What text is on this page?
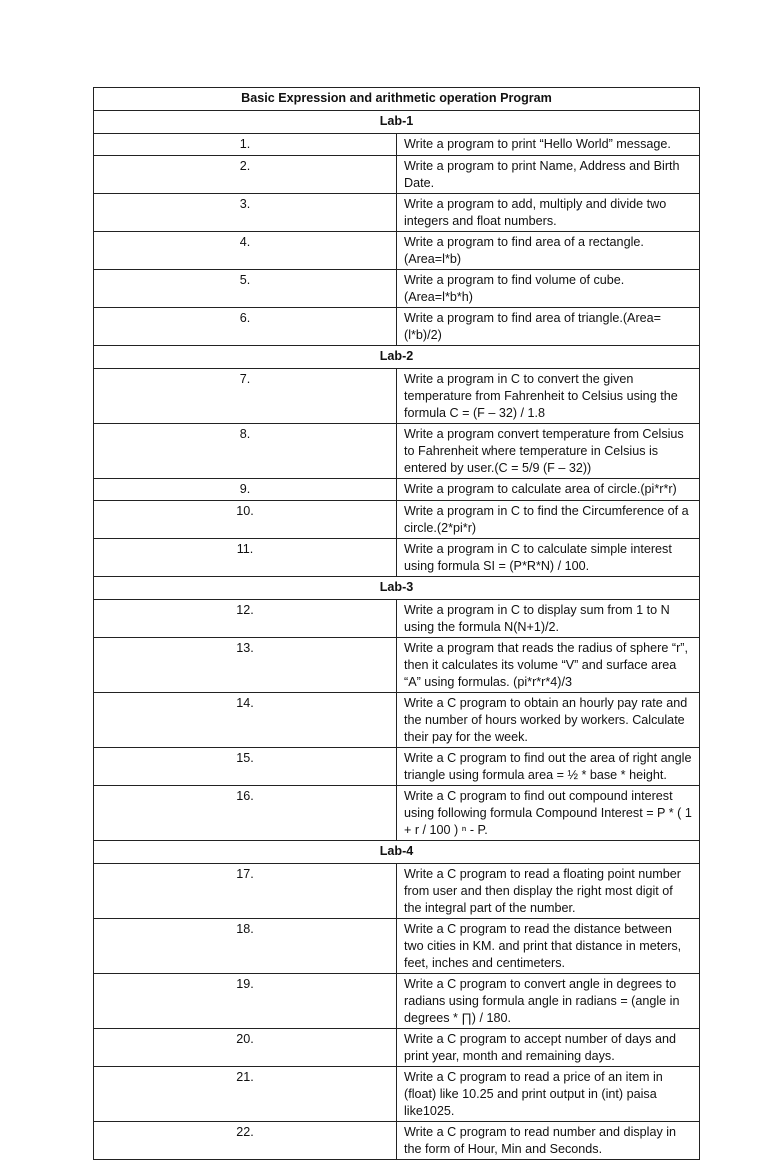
Basic Expression and arithmetic operation Program	
Lab-1	
1.	Write a program to print “Hello World” message.
2.	Write a program to print Name, Address and Birth Date.
3.	Write a program to add, multiply and divide two integers and float numbers.
4.	Write a program to find area of a rectangle.(Area=l*b)
5.	Write a program to find volume of cube.(Area=l*b*h)
6.	Write a program to find area of triangle.(Area=(l*b)/2)
Lab-2	
7.	Write a program in C to convert the given temperature from Fahrenheit to Celsius using the formula C = (F – 32) / 1.8
8.	Write a program convert temperature from Celsius to Fahrenheit where temperature in Celsius is entered by user.(C = 5/9 (F – 32))
9.	Write a program to calculate area of circle.(pi*r*r)
10.	Write a program in C to find the Circumference of a circle.(2*pi*r)
11.	Write a program in C to calculate simple interest using formula SI = (P*R*N) / 100.
Lab-3	
12.	Write a program in C to display sum from 1 to N using the formula N(N+1)/2.
13.	Write a program that reads the radius of sphere “r”, then it calculates its volume “V” and surface area “A” using formulas. (pi*r*r*4)/3
14.	Write a C program to obtain an hourly pay rate and the number of hours worked by workers. Calculate their pay for the week.
15.	Write a C program to find out the area of right angle triangle using formula area = ½ * base * height.
16.	Write a C program to find out compound interest using following formula Compound Interest = P * ( 1 + r / 100 ) ⁿ - P.
Lab-4	
17.	Write a C program to read a floating point number from user and then display the right most digit of the integral part of the number.
18.	Write a C program to read the distance between two cities in KM. and print that distance in meters, feet, inches and centimeters.
19.	Write a C program to convert angle in degrees to radians using formula angle in radians = (angle in degrees * ∏) / 180.
20.	Write a C program to accept number of days and print year, month and remaining days.
21.	Write a C program to read a price of an item in (float) like 10.25 and print output in (int) paisa like1025.
22.	Write a C program to read number and display in the form of Hour, Min and Seconds.
